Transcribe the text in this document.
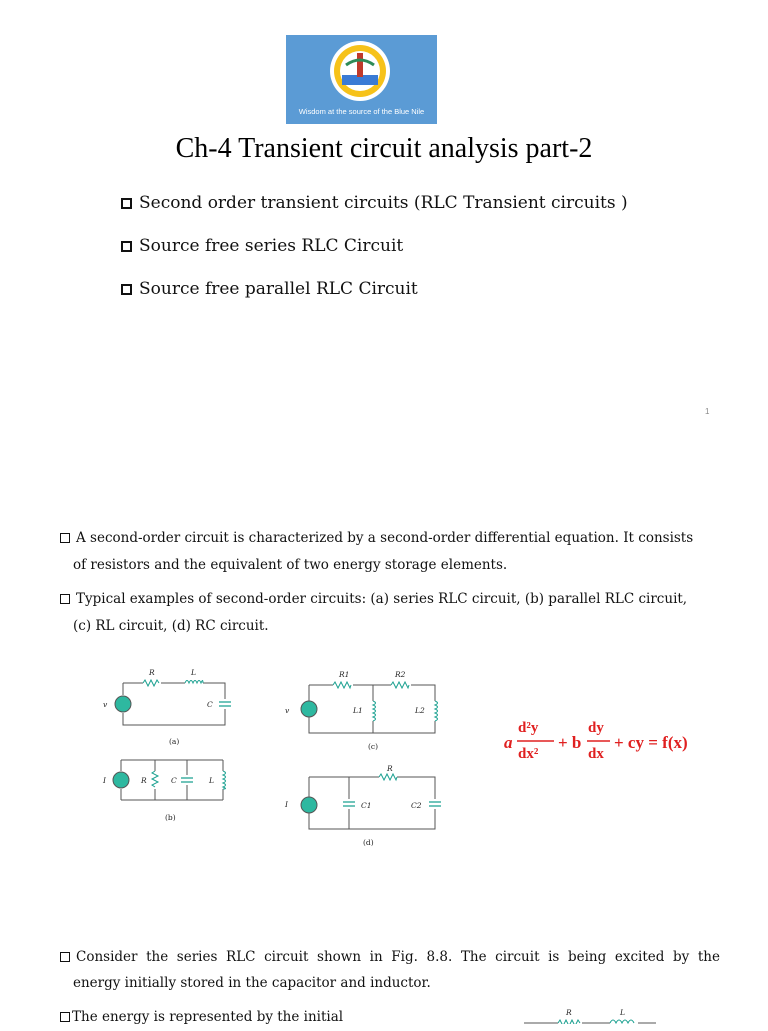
Wisdom at the source of the Blue Nile
Ch-4 Transient circuit analysis part-2
Second order transient circuits (RLC Transient circuits )
Source free series RLC Circuit
Source free parallel RLC Circuit
1
A second-order circuit is characterized by a second-order differential equation. It consists
of resistors and the equivalent of two energy storage elements.
Typical examples of second-order circuits: (a) series RLC circuit, (b) parallel RLC circuit,
(c) RL circuit, (d) RC circuit.
R	L
C
v
I	R	C	L
R1	R2
L1	L2
v
I
R
C1	C2
(a)
(b)
(c)
(d)
a
d²y
dx²
+ b
dy
dx
+ cy = f(x)
Consider the series RLC circuit shown in Fig. 8.8. The circuit is being excited by the
energy initially stored in the capacitor and inductor.
The energy is represented by the initial	R	L
